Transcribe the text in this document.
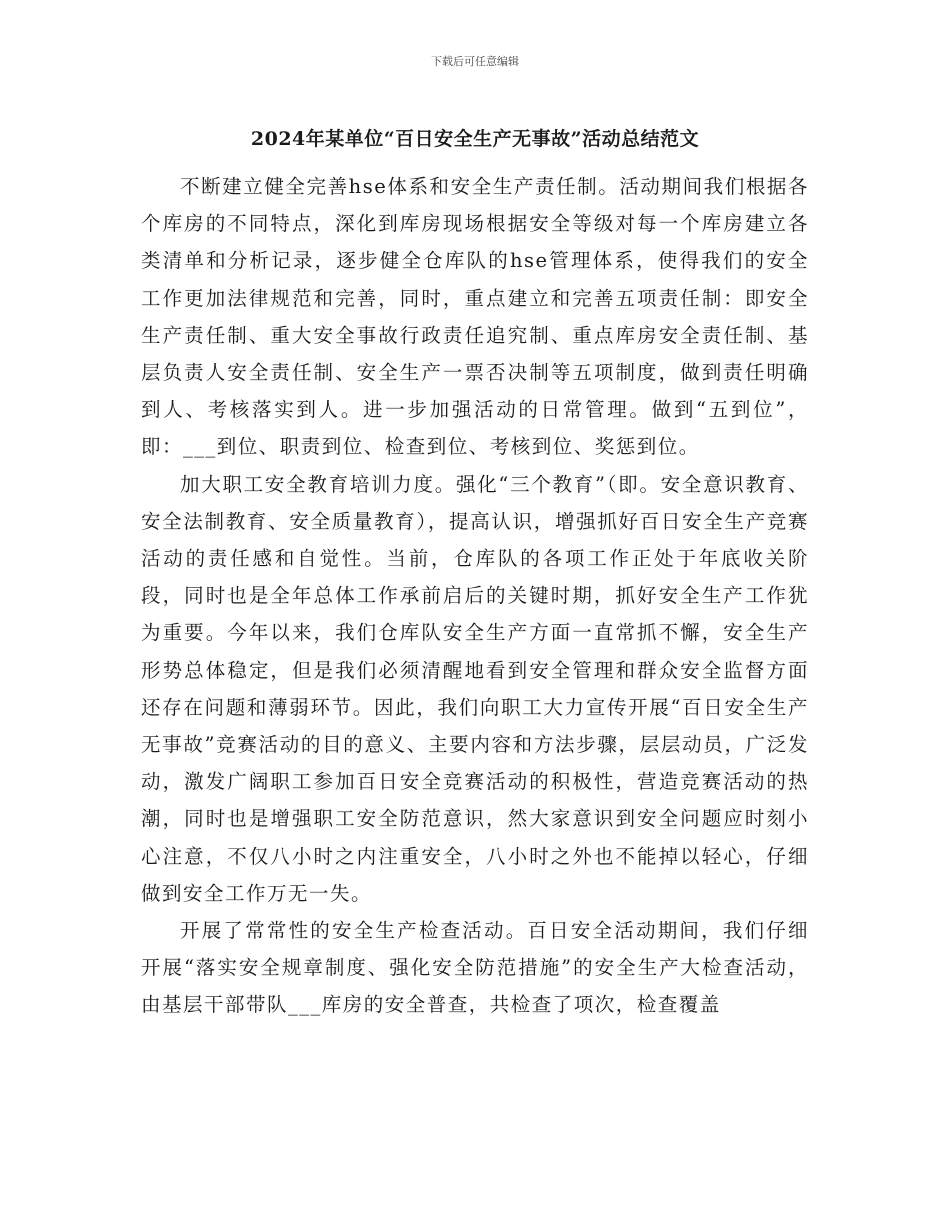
下载后可任意编辑
2024年某单位“百日安全生产无事故”活动总结范文

不断建立健全完善hse体系和安全生产责任制。活动期间我们根据各个库房的不同特点，深化到库房现场根据安全等级对每一个库房建立各类清单和分析记录，逐步健全仓库队的hse管理体系，使得我们的安全工作更加法律规范和完善，同时，重点建立和完善五项责任制：即安全生产责任制、重大安全事故行政责任追究制、重点库房安全责任制、基层负责人安全责任制、安全生产一票否决制等五项制度，做到责任明确到人、考核落实到人。进一步加强活动的日常管理。做到“五到位”，即：___到位、职责到位、检查到位、考核到位、奖惩到位。

加大职工安全教育培训力度。强化“三个教育”（即。安全意识教育、安全法制教育、安全质量教育），提高认识，增强抓好百日安全生产竞赛活动的责任感和自觉性。当前，仓库队的各项工作正处于年底收关阶段，同时也是全年总体工作承前启后的关键时期，抓好安全生产工作犹为重要。今年以来，我们仓库队安全生产方面一直常抓不懈，安全生产形势总体稳定，但是我们必须清醒地看到安全管理和群众安全监督方面还存在问题和薄弱环节。因此，我们向职工大力宣传开展“百日安全生产无事故”竞赛活动的目的意义、主要内容和方法步骤，层层动员，广泛发动，激发广阔职工参加百日安全竞赛活动的积极性，营造竞赛活动的热潮，同时也是增强职工安全防范意识，然大家意识到安全问题应时刻小心注意，不仅八小时之内注重安全，八小时之外也不能掉以轻心，仔细做到安全工作万无一失。

开展了常常性的安全生产检查活动。百日安全活动期间，我们仔细开展“落实安全规章制度、强化安全防范措施”的安全生产大检查活动，由基层干部带队___库房的安全普查，共检查了项次，检查覆盖
